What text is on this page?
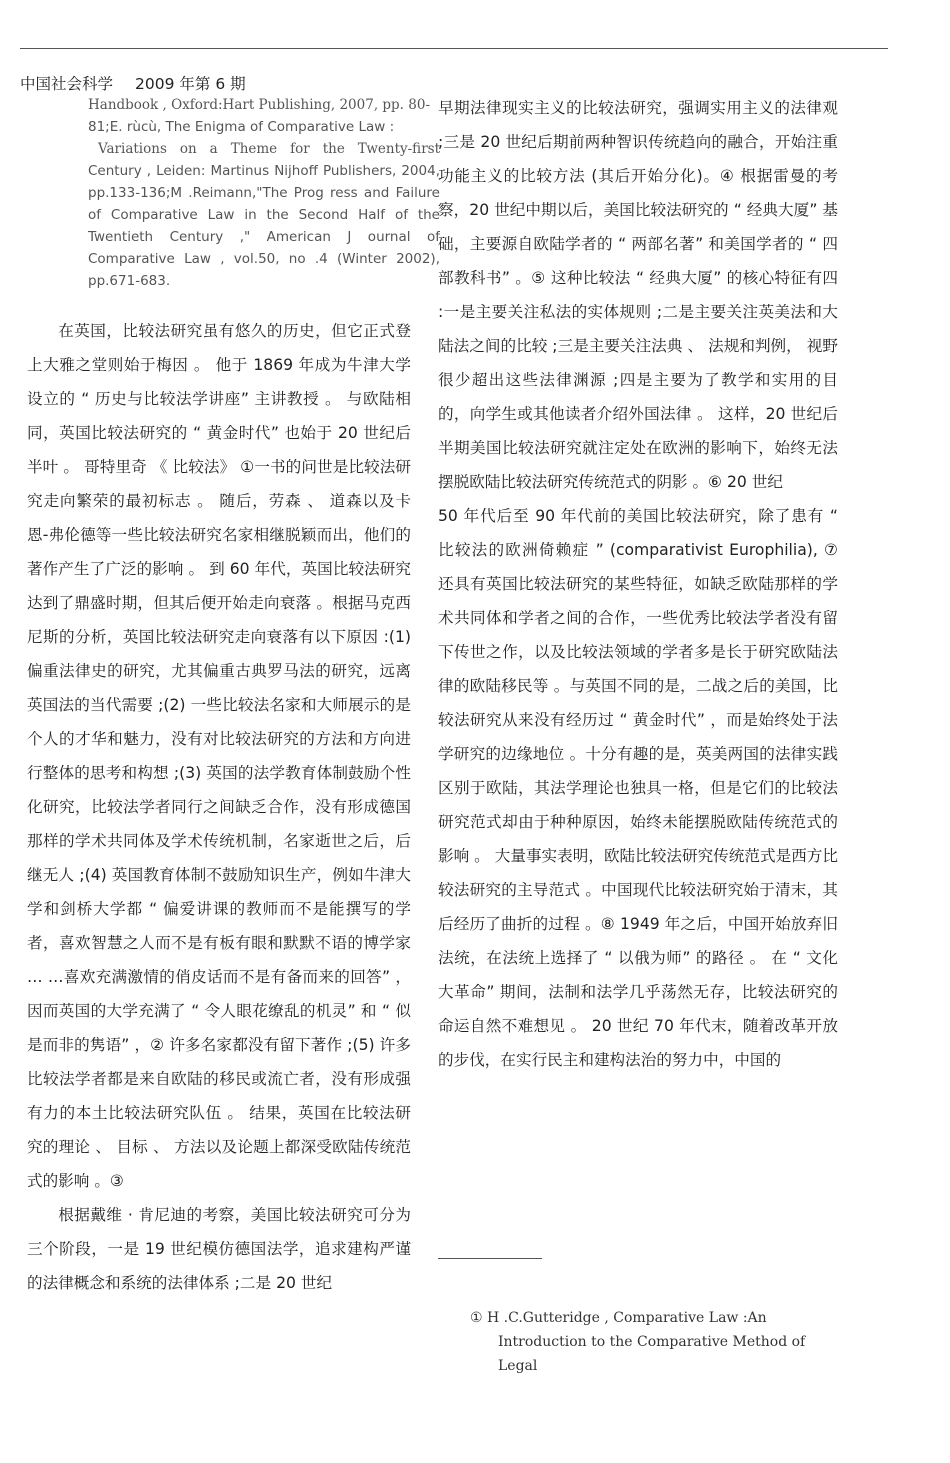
中国社会科学 2009 年第 6 期

Handbook , Oxford:Hart Publishing, 2007, pp. 80-

81;E. rùcù, The Enigma of Comparative Law :

Variations on a Theme for the Twenty-first

Century , Leiden: Martinus Nijhoff Publishers, 2004, pp.133-136;M .Reimann,"The Prog ress and Failure of Comparative Law in the Second Half of the Twentieth Century ," American J ournal of Comparative Law , vol.50, no .4 (Winter 2002), pp.671-683.

在英国，比较法研究虽有悠久的历史，但它正式登上大雅之堂则始于梅因 。 他于 1869 年成为牛津大学设立的 “ 历史与比较法学讲座” 主讲教授 。 与欧陆相同，英国比较法研究的 “ 黄金时代” 也始于 20 世纪后半叶 。 哥特里奇 《 比较法》 ①一书的问世是比较法研究走向繁荣的最初标志 。 随后，劳森 、 道森以及卡恩-弗伦德等一些比较法研究名家相继脱颖而出，他们的著作产生了广泛的影响 。 到 60 年代，英国比较法研究达到了鼎盛时期，但其后便开始走向衰落 。根据马克西尼斯的分析，英国比较法研究走向衰落有以下原因 :(1)偏重法律史的研究，尤其偏重古典罗马法的研究，远离英国法的当代需要 ;(2) 一些比较法名家和大师展示的是个人的才华和魅力，没有对比较法研究的方法和方向进行整体的思考和构想 ;(3) 英国的法学教育体制鼓励个性化研究，比较法学者同行之间缺乏合作，没有形成德国那样的学术共同体及学术传统机制，名家逝世之后，后继无人 ;(4) 英国教育体制不鼓励知识生产，例如牛津大学和剑桥大学都 “ 偏爱讲课的教师而不是能撰写的学者，喜欢智慧之人而不是有板有眼和默默不语的博学家 … …喜欢充满激情的俏皮话而不是有备而来的回答” ，因而英国的大学充满了 “ 令人眼花缭乱的机灵” 和 “ 似是而非的隽语” ，② 许多名家都没有留下著作 ;(5) 许多比较法学者都是来自欧陆的移民或流亡者，没有形成强有力的本土比较法研究队伍 。 结果，英国在比较法研究的理论 、 目标 、 方法以及论题上都深受欧陆传统范式的影响 。③

根据戴维 · 肯尼迪的考察，美国比较法研究可分为三个阶段，一是 19 世纪模仿德国法学，追求建构严谨的法律概念和系统的法律体系 ;二是 20 世纪

早期法律现实主义的比较法研究，强调实用主义的法律观 ;三是 20 世纪后期前两种智识传统趋向的融合，开始注重功能主义的比较方法 (其后开始分化)。④ 根据雷曼的考察，20 世纪中期以后，美国比较法研究的 “ 经典大厦” 基础，主要源自欧陆学者的 “ 两部名著” 和美国学者的 “ 四部教科书” 。⑤ 这种比较法 “ 经典大厦” 的核心特征有四 :一是主要关注私法的实体规则 ;二是主要关注英美法和大陆法之间的比较 ;三是主要关注法典 、 法规和判例， 视野很少超出这些法律渊源 ;四是主要为了教学和实用的目的，向学生或其他读者介绍外国法律 。 这样，20 世纪后半期美国比较法研究就注定处在欧洲的影响下，始终无法摆脱欧陆比较法研究传统范式的阴影 。⑥ 20 世纪

50 年代后至 90 年代前的美国比较法研究，除了患有 “ 比较法的欧洲倚赖症 ” (comparativist Europhilia), ⑦ 还具有英国比较法研究的某些特征，如缺乏欧陆那样的学术共同体和学者之间的合作，一些优秀比较法学者没有留下传世之作，以及比较法领域的学者多是长于研究欧陆法律的欧陆移民等 。与英国不同的是，二战之后的美国，比较法研究从来没有经历过 “ 黄金时代” ，而是始终处于法学研究的边缘地位 。十分有趣的是，英美两国的法律实践区别于欧陆，其法学理论也独具一格，但是它们的比较法研究范式却由于种种原因，始终未能摆脱欧陆传统范式的影响 。 大量事实表明，欧陆比较法研究传统范式是西方比较法研究的主导范式 。中国现代比较法研究始于清末，其后经历了曲折的过程 。⑧ 1949 年之后，中国开始放弃旧法统，在法统上选择了 “ 以俄为师” 的路径 。 在 “ 文化大革命” 期间，法制和法学几乎荡然无存，比较法研究的命运自然不难想见 。 20 世纪 70 年代末，随着改革开放的步伐，在实行民主和建构法治的努力中，中国的

① H .C.Gutteridge , Comparative Law :An Introduction to the Comparative Method of Legal
